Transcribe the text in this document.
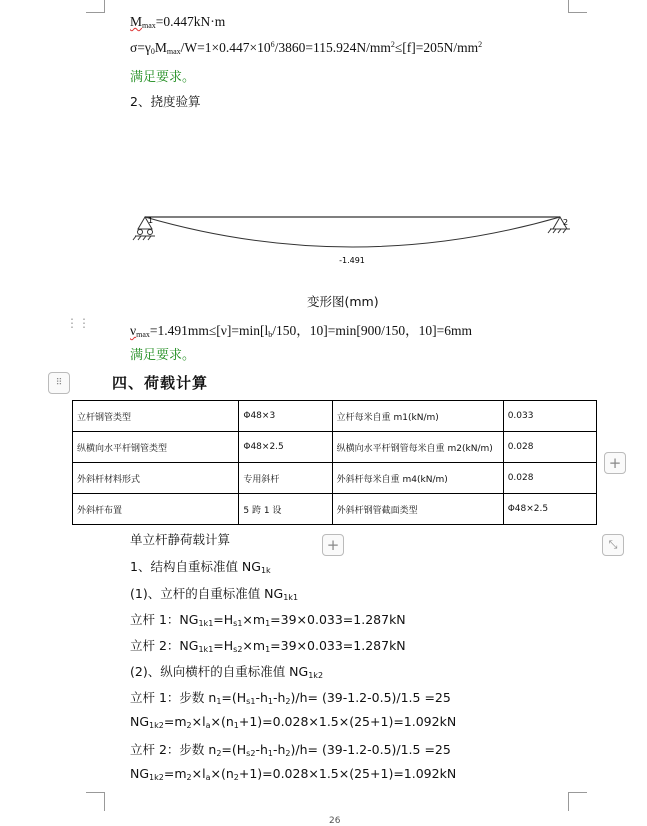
$M_{max}=0.447kN\cdot m$
$\sigma=\gamma_0M_{max}/W=1\times 0.447\times 10^6/3860=115.924N/mm^2\le[f]=205N/mm^2$
满足要求。
2、挠度验算
1	2
-1.491
变形图(mm)
⋮⋮	$\nu_{max}=1.491mm\le[\nu]=\min[l_b/150$，10]=min[900/150，10]=6mm
满足要求。
⠿	四、荷载计算
立杆钢管类型	Φ48×3	立杆每米自重 m1(kN/m)	0.033
纵横向水平杆钢管类型	Φ48×2.5	纵横向水平杆钢管每米自重 m2(kN/m)	0.028
外斜杆材料形式	专用斜杆	外斜杆每米自重 m4(kN/m)	0.028
外斜杆布置	5 跨 1 设	外斜杆钢管截面类型	Φ48×2.5
+
+	⤡
单立杆静荷载计算
1、结构自重标准值 $NG_{1k}$
(1)、立杆的自重标准值 $NG_{1k1}$
立杆 1：$NG_{1k1}=H_{s1}\times m_1=39\times 0.033=1.287kN$
立杆 2：$NG_{1k1}=H_{s2}\times m_1=39\times 0.033=1.287kN$
(2)、纵向横杆的自重标准值 $NG_{1k2}$
立杆 1：步数 $n_1=(H_{s1}-h_1-h_2)/h= (39-1.2-0.5)/1.5 =25$
$NG_{1k2}=m_2\times l_a\times(n_1+1)=0.028\times 1.5\times(25+1)=1.092kN$
立杆 2：步数 $n_2=(H_{s2}-h_1-h_2)/h= (39-1.2-0.5)/1.5 =25$
$NG_{1k2}=m_2\times l_a\times(n_2+1)=0.028\times 1.5\times(25+1)=1.092kN$
26
